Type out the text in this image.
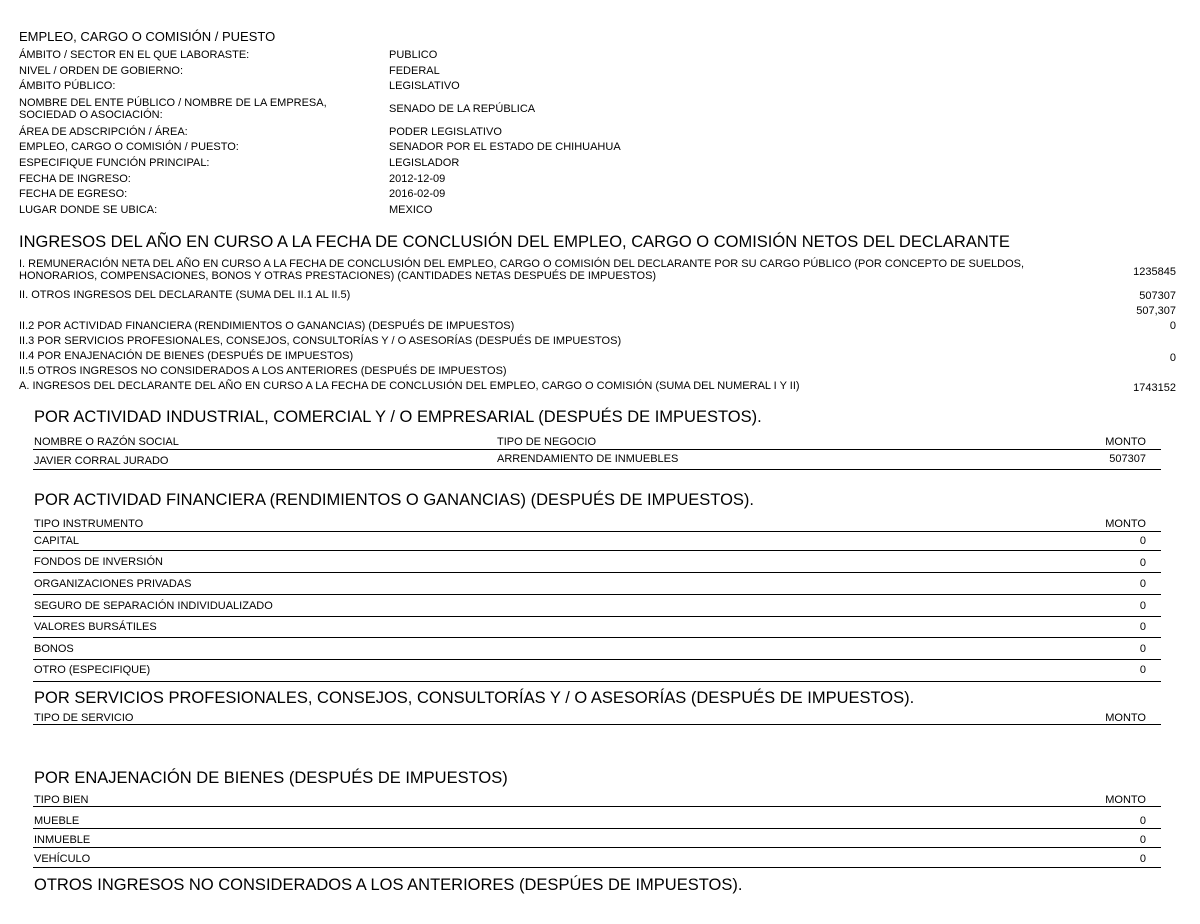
EMPLEO, CARGO O COMISIÓN / PUESTO
ÁMBITO / SECTOR EN EL QUE LABORASTE:	PUBLICO
NIVEL / ORDEN DE GOBIERNO:	FEDERAL
ÁMBITO PÚBLICO:	LEGISLATIVO
NOMBRE DEL ENTE PÚBLICO / NOMBRE DE LA EMPRESA,
SOCIEDAD O ASOCIACIÓN:	SENADO DE LA REPÚBLICA
ÁREA DE ADSCRIPCIÓN / ÁREA:	PODER LEGISLATIVO
EMPLEO, CARGO O COMISIÓN / PUESTO:	SENADOR POR EL ESTADO DE CHIHUAHUA
ESPECIFIQUE FUNCIÓN PRINCIPAL:	LEGISLADOR
FECHA DE INGRESO:	2012-12-09
FECHA DE EGRESO:	2016-02-09
LUGAR DONDE SE UBICA:	MEXICO
INGRESOS DEL AÑO EN CURSO A LA FECHA DE CONCLUSIÓN DEL EMPLEO, CARGO O COMISIÓN NETOS DEL DECLARANTE
I. REMUNERACIÓN NETA DEL AÑO EN CURSO A LA FECHA DE CONCLUSIÓN DEL EMPLEO, CARGO O COMISIÓN DEL DECLARANTE POR SU CARGO PÚBLICO (POR CONCEPTO DE SUELDOS,
HONORARIOS, COMPENSACIONES, BONOS Y OTRAS PRESTACIONES) (CANTIDADES NETAS DESPUÉS DE IMPUESTOS)	1235845
II. OTROS INGRESOS DEL DECLARANTE (SUMA DEL II.1 AL II.5)	507307
507,307
II.2 POR ACTIVIDAD FINANCIERA (RENDIMIENTOS O GANANCIAS) (DESPUÉS DE IMPUESTOS)	0
II.3 POR SERVICIOS PROFESIONALES, CONSEJOS, CONSULTORÍAS Y / O ASESORÍAS (DESPUÉS DE IMPUESTOS)
II.4 POR ENAJENACIÓN DE BIENES (DESPUÉS DE IMPUESTOS)	0
II.5 OTROS INGRESOS NO CONSIDERADOS A LOS ANTERIORES (DESPUÉS DE IMPUESTOS)
A. INGRESOS DEL DECLARANTE DEL AÑO EN CURSO A LA FECHA DE CONCLUSIÓN DEL EMPLEO, CARGO O COMISIÓN (SUMA DEL NUMERAL I Y II)	1743152
POR ACTIVIDAD INDUSTRIAL, COMERCIAL Y / O EMPRESARIAL (DESPUÉS DE IMPUESTOS).
NOMBRE O RAZÓN SOCIAL	TIPO DE NEGOCIO	MONTO
JAVIER CORRAL JURADO	ARRENDAMIENTO DE INMUEBLES	507307
POR ACTIVIDAD FINANCIERA (RENDIMIENTOS O GANANCIAS) (DESPUÉS DE IMPUESTOS).
TIPO INSTRUMENTO	MONTO
CAPITAL	0
FONDOS DE INVERSIÓN	0
ORGANIZACIONES PRIVADAS	0
SEGURO DE SEPARACIÓN INDIVIDUALIZADO	0
VALORES BURSÁTILES	0
BONOS	0
OTRO (ESPECIFIQUE)	0
POR SERVICIOS PROFESIONALES, CONSEJOS, CONSULTORÍAS Y / O ASESORÍAS (DESPUÉS DE IMPUESTOS).
TIPO DE SERVICIO	MONTO
POR ENAJENACIÓN DE BIENES (DESPUÉS DE IMPUESTOS)
TIPO BIEN	MONTO
MUEBLE	0
INMUEBLE	0
VEHÍCULO	0
OTROS INGRESOS NO CONSIDERADOS A LOS ANTERIORES (DESPÚES DE IMPUESTOS).
